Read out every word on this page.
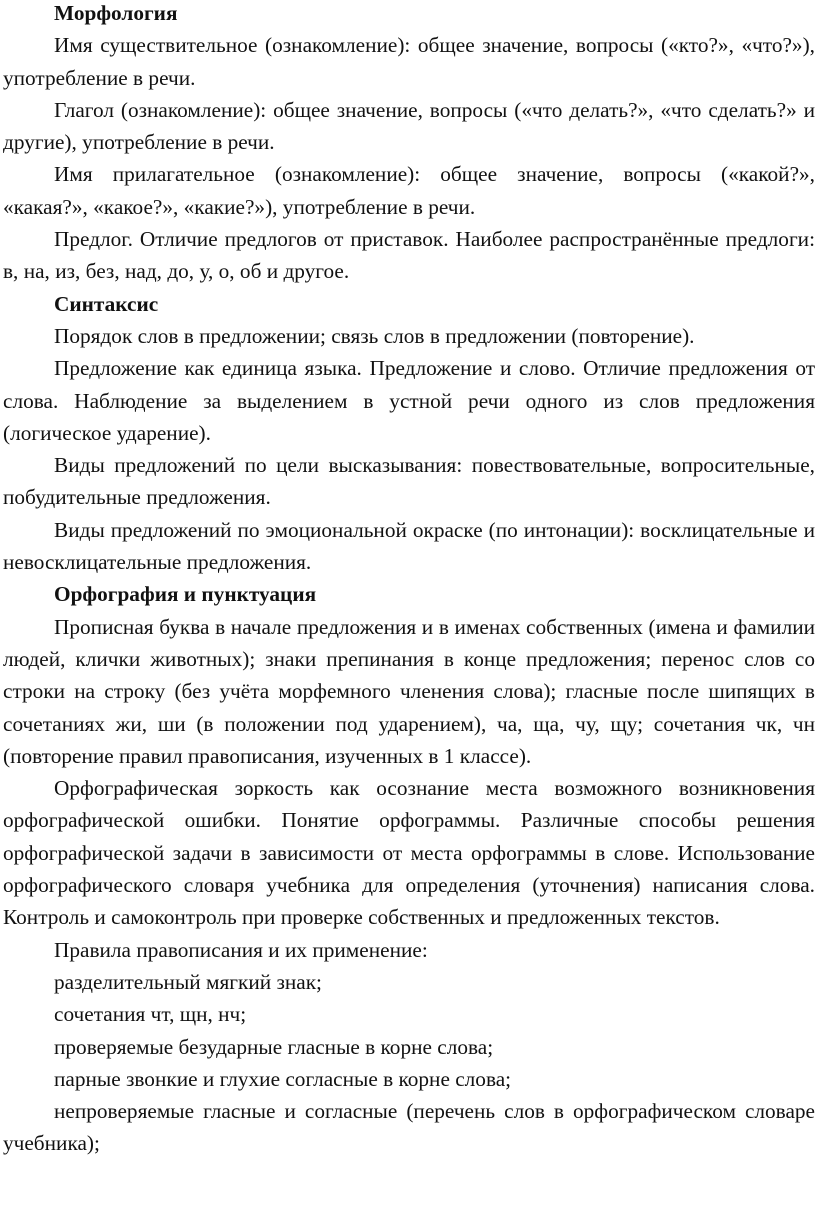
Морфология

Имя существительное (ознакомление): общее значение, вопросы («кто?», «что?»), употребление в речи.

Глагол (ознакомление): общее значение, вопросы («что делать?», «что сделать?» и другие), употребление в речи.

Имя прилагательное (ознакомление): общее значение, вопросы («какой?», «какая?», «какое?», «какие?»), употребление в речи.

Предлог. Отличие предлогов от приставок. Наиболее распространённые предлоги: в, на, из, без, над, до, у, о, об и другое.

Синтаксис

Порядок слов в предложении; связь слов в предложении (повторение).

Предложение как единица языка. Предложение и слово. Отличие предложения от слова. Наблюдение за выделением в устной речи одного из слов предложения (логическое ударение).

Виды предложений по цели высказывания: повествовательные, вопросительные, побудительные предложения.

Виды предложений по эмоциональной окраске (по интонации): восклицательные и невосклицательные предложения.

Орфография и пунктуация

Прописная буква в начале предложения и в именах собственных (имена и фамилии людей, клички животных); знаки препинания в конце предложения; перенос слов со строки на строку (без учёта морфемного членения слова); гласные после шипящих в сочетаниях жи, ши (в положении под ударением), ча, ща, чу, щу; сочетания чк, чн (повторение правил правописания, изученных в 1 классе).

Орфографическая зоркость как осознание места возможного возникновения орфографической ошибки. Понятие орфограммы. Различные способы решения орфографической задачи в зависимости от места орфограммы в слове. Использование орфографического словаря учебника для определения (уточнения) написания слова. Контроль и самоконтроль при проверке собственных и предложенных текстов.

Правила правописания и их применение:

разделительный мягкий знак;

сочетания чт, щн, нч;

проверяемые безударные гласные в корне слова;

парные звонкие и глухие согласные в корне слова;

непроверяемые гласные и согласные (перечень слов в орфографическом словаре учебника);
